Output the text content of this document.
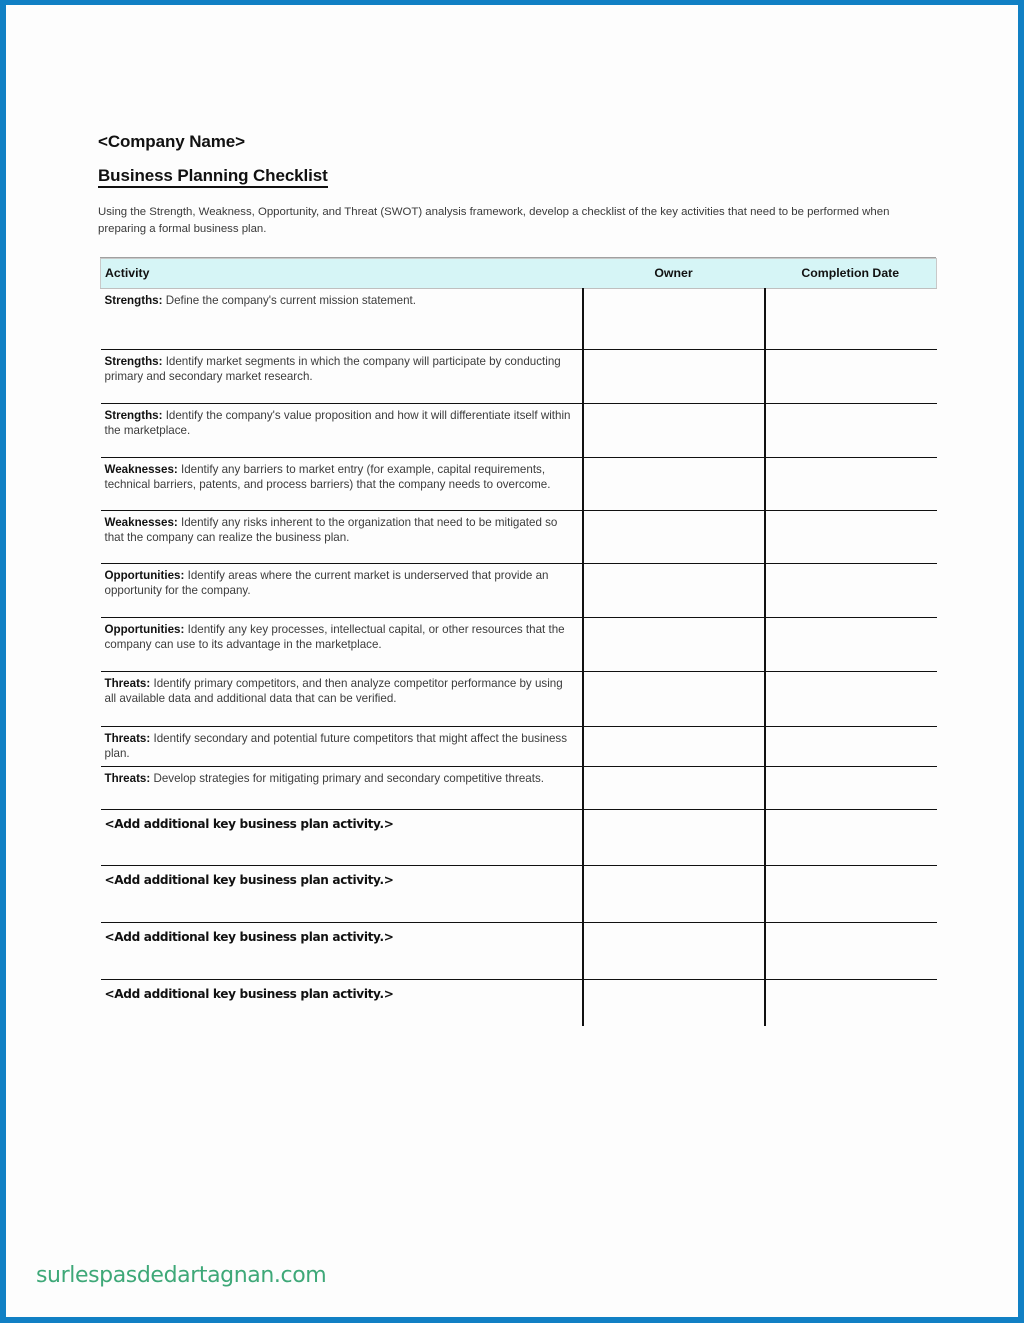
<Company Name>
Business Planning Checklist
Using the Strength, Weakness, Opportunity, and Threat (SWOT) analysis framework, develop a checklist of the key activities that need to be performed when preparing a formal business plan.
Activity	Owner	Completion Date
Strengths: Define the company's current mission statement.		
Strengths: Identify market segments in which the company will participate by conducting primary and secondary market research.		
Strengths: Identify the company's value proposition and how it will differentiate itself within the marketplace.		
Weaknesses: Identify any barriers to market entry (for example, capital requirements, technical barriers, patents, and process barriers) that the company needs to overcome.		
Weaknesses: Identify any risks inherent to the organization that need to be mitigated so that the company can realize the business plan.		
Opportunities: Identify areas where the current market is underserved that provide an opportunity for the company.		
Opportunities: Identify any key processes, intellectual capital, or other resources that the company can use to its advantage in the marketplace.		
Threats: Identify primary competitors, and then analyze competitor performance by using all available data and additional data that can be verified.		
Threats: Identify secondary and potential future competitors that might affect the business plan.		
Threats: Develop strategies for mitigating primary and secondary competitive threats.		
<Add additional key business plan activity.>		
<Add additional key business plan activity.>		
<Add additional key business plan activity.>		
<Add additional key business plan activity.>		
surlespasdedartagnan.com
